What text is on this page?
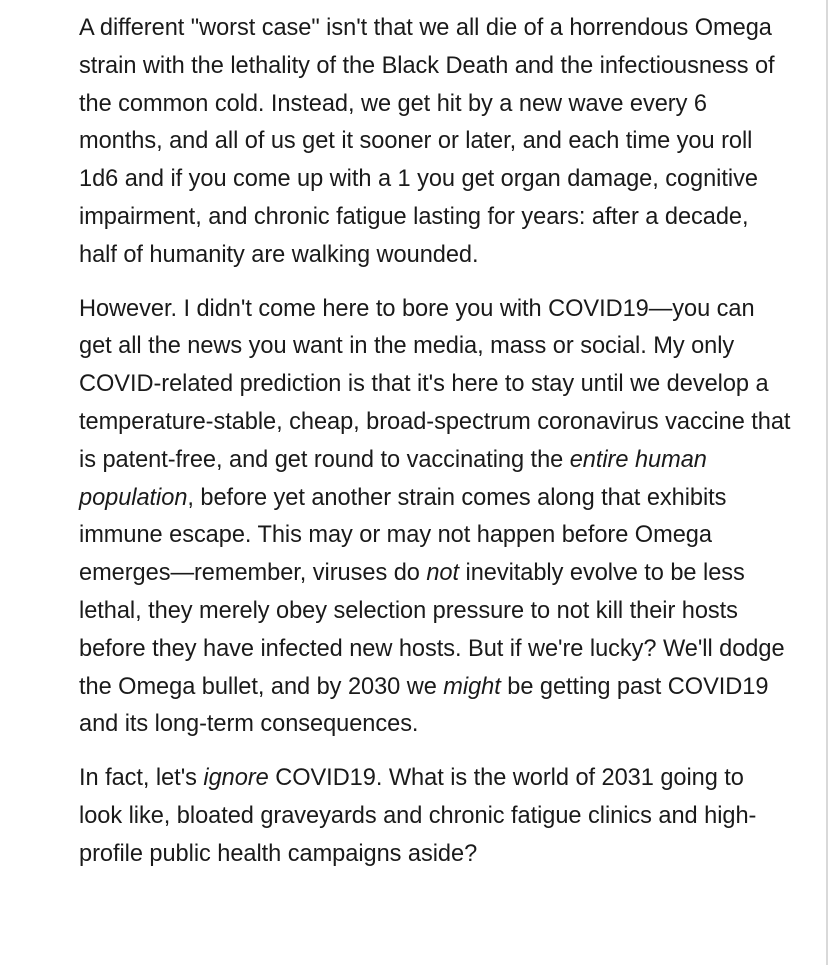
A different "worst case" isn't that we all die of a horrendous Omega strain with the lethality of the Black Death and the infectiousness of the common cold. Instead, we get hit by a new wave every 6 months, and all of us get it sooner or later, and each time you roll 1d6 and if you come up with a 1 you get organ damage, cognitive impairment, and chronic fatigue lasting for years: after a decade, half of humanity are walking wounded.

However. I didn't come here to bore you with COVID19—you can get all the news you want in the media, mass or social. My only COVID-related prediction is that it's here to stay until we develop a temperature-stable, cheap, broad-spectrum coronavirus vaccine that is patent-free, and get round to vaccinating the entire human population, before yet another strain comes along that exhibits immune escape. This may or may not happen before Omega emerges—remember, viruses do not inevitably evolve to be less lethal, they merely obey selection pressure to not kill their hosts before they have infected new hosts. But if we're lucky? We'll dodge the Omega bullet, and by 2030 we might be getting past COVID19 and its long-term consequences.

In fact, let's ignore COVID19. What is the world of 2031 going to look like, bloated graveyards and chronic fatigue clinics and high-profile public health campaigns aside?
